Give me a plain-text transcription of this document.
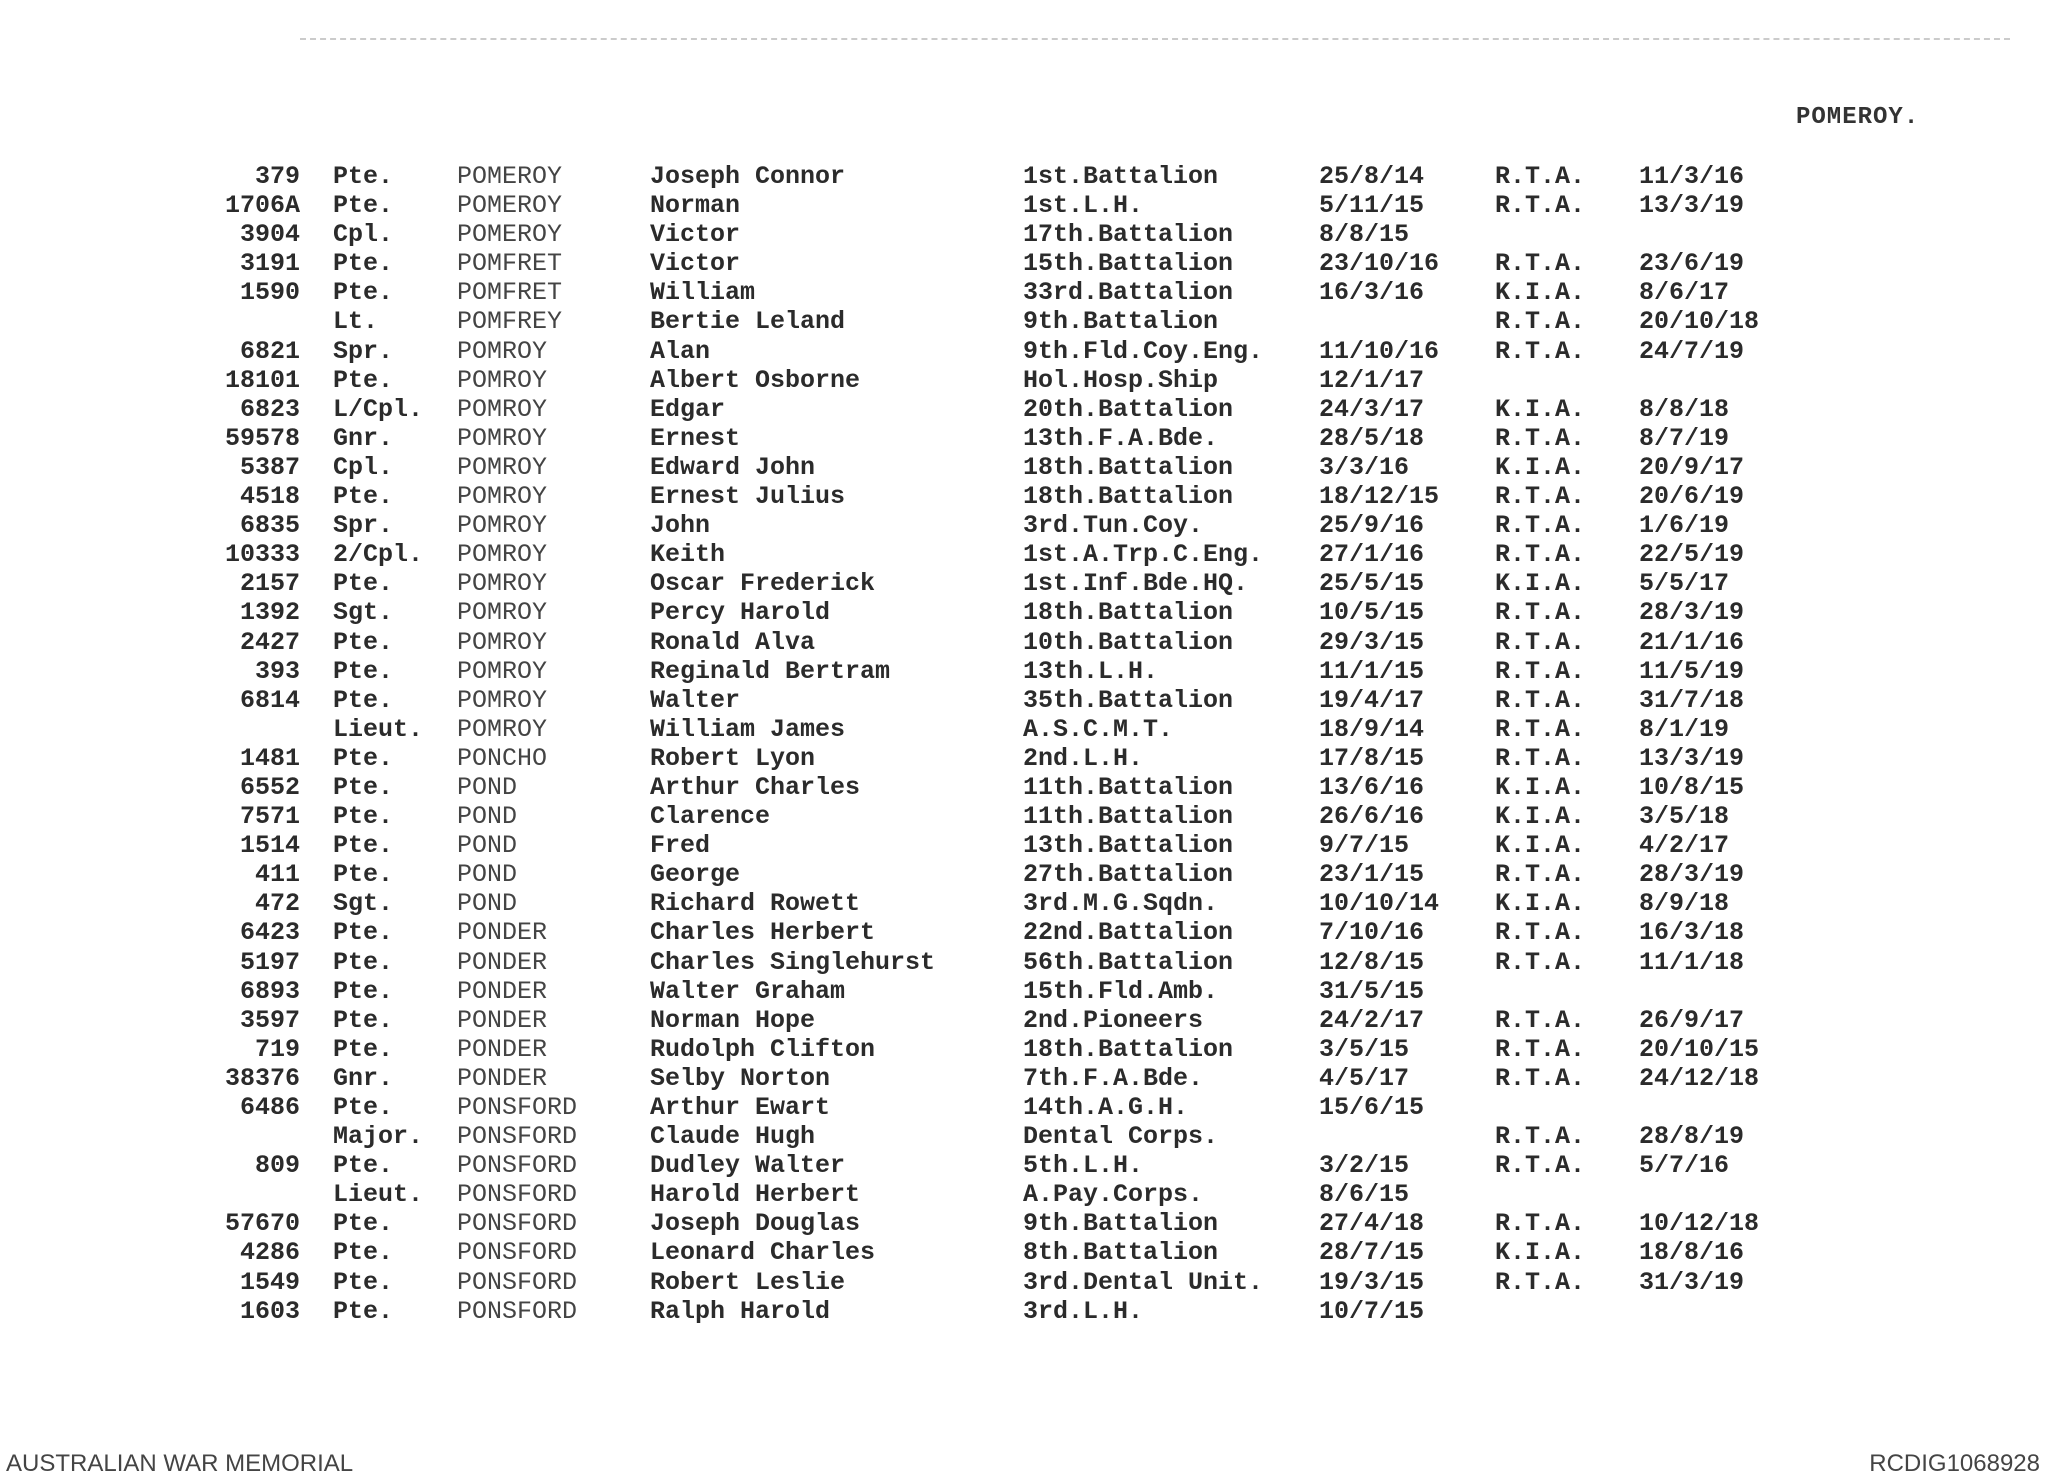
POMEROY.
379 Pte.	POMEROY	Joseph Connor	1st.Battalion	25/8/14	R.T.A. 11/3/16
1706A Pte.	POMEROY	Norman	1st.L.H.	5/11/15	R.T.A. 13/3/19
3904 Cpl.	POMEROY	Victor	17th.Battalion	8/8/15
3191 Pte.	POMFRET	Victor	15th.Battalion	23/10/16 R.T.A. 23/6/19
1590 Pte.	POMFRET	William	33rd.Battalion	16/3/16	K.I.A. 8/6/17
Lt.	POMFREY	Bertie Leland	9th.Battalion	R.T.A. 20/10/18
6821 Spr.	POMROY	Alan	9th.Fld.Coy.Eng. 11/10/16 R.T.A. 24/7/19
18101 Pte.	POMROY	Albert Osborne	Hol.Hosp.Ship	12/1/17
6823 L/Cpl. POMROY	Edgar	20th.Battalion	24/3/17	K.I.A. 8/8/18
59578 Gnr.	POMROY	Ernest	13th.F.A.Bde.	28/5/18	R.T.A. 8/7/19
5387 Cpl.	POMROY	Edward John	18th.Battalion	3/3/16	K.I.A. 20/9/17
4518 Pte.	POMROY	Ernest Julius	18th.Battalion	18/12/15 R.T.A. 20/6/19
6835 Spr.	POMROY	John	3rd.Tun.Coy.	25/9/16	R.T.A. 1/6/19
10333 2/Cpl. POMROY	Keith	1st.A.Trp.C.Eng. 27/1/16	R.T.A. 22/5/19
2157 Pte.	POMROY	Oscar Frederick	1st.Inf.Bde.HQ.	25/5/15	K.I.A. 5/5/17
1392 Sgt.	POMROY	Percy Harold	18th.Battalion	10/5/15	R.T.A. 28/3/19
2427 Pte.	POMROY	Ronald Alva	10th.Battalion	29/3/15	R.T.A. 21/1/16
393 Pte.	POMROY	Reginald Bertram	13th.L.H.	11/1/15	R.T.A. 11/5/19
6814 Pte.	POMROY	Walter	35th.Battalion	19/4/17	R.T.A. 31/7/18
Lieut. POMROY	William James	A.S.C.M.T.	18/9/14	R.T.A. 8/1/19
1481 Pte.	PONCHO	Robert Lyon	2nd.L.H.	17/8/15	R.T.A. 13/3/19
6552 Pte.	POND	Arthur Charles	11th.Battalion	13/6/16	K.I.A. 10/8/15
7571 Pte.	POND	Clarence	11th.Battalion	26/6/16	K.I.A. 3/5/18
1514 Pte.	POND	Fred	13th.Battalion	9/7/15	K.I.A. 4/2/17
411 Pte.	POND	George	27th.Battalion	23/1/15	R.T.A. 28/3/19
472 Sgt.	POND	Richard Rowett	3rd.M.G.Sqdn.	10/10/14 K.I.A. 8/9/18
6423 Pte.	PONDER	Charles Herbert	22nd.Battalion	7/10/16	R.T.A. 16/3/18
5197 Pte.	PONDER	Charles Singlehurst	56th.Battalion	12/8/15	R.T.A. 11/1/18
6893 Pte.	PONDER	Walter Graham	15th.Fld.Amb.	31/5/15
3597 Pte.	PONDER	Norman Hope	2nd.Pioneers	24/2/17	R.T.A. 26/9/17
719 Pte.	PONDER	Rudolph Clifton	18th.Battalion	3/5/15	R.T.A. 20/10/15
38376 Gnr.	PONDER	Selby Norton	7th.F.A.Bde.	4/5/17	R.T.A. 24/12/18
6486 Pte.	PONSFORD	Arthur Ewart	14th.A.G.H.	15/6/15
Major. PONSFORD	Claude Hugh	Dental Corps.	R.T.A. 28/8/19
809 Pte.	PONSFORD	Dudley Walter	5th.L.H.	3/2/15	R.T.A. 5/7/16
Lieut. PONSFORD	Harold Herbert	A.Pay.Corps.	8/6/15
57670 Pte.	PONSFORD	Joseph Douglas	9th.Battalion	27/4/18	R.T.A. 10/12/18
4286 Pte.	PONSFORD	Leonard Charles	8th.Battalion	28/7/15	K.I.A. 18/8/16
1549 Pte.	PONSFORD	Robert Leslie	3rd.Dental Unit. 19/3/15	R.T.A. 31/3/19
1603 Pte.	PONSFORD	Ralph Harold	3rd.L.H.	10/7/15
AUSTRALIAN WAR MEMORIAL	RCDIG1068928
